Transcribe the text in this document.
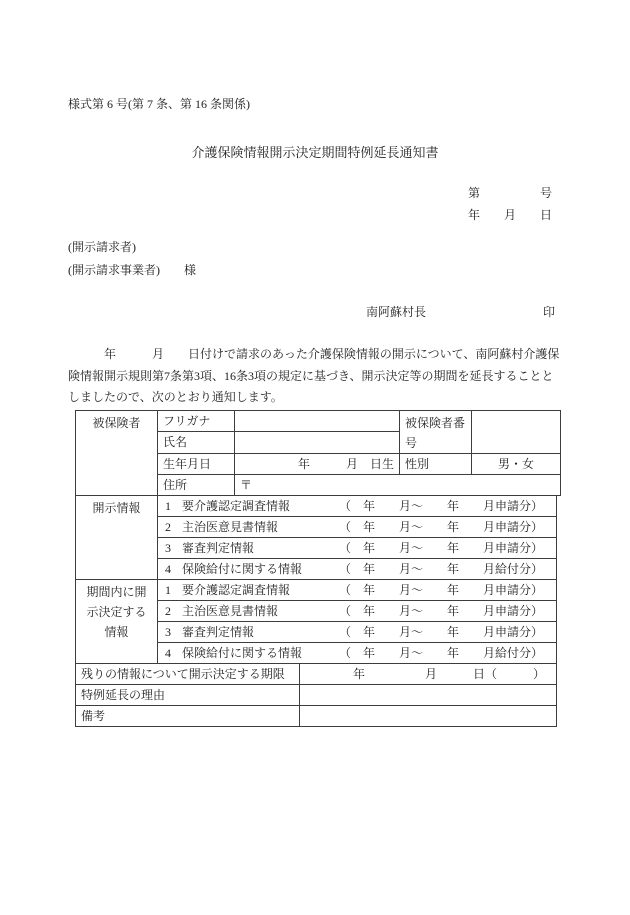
様式第 6 号(第 7 条、第 16 条関係)
介護保険情報開示決定期間特例延長通知書
第　　　　　号
年　　月　　日
(開示請求者)
(開示請求事業者)　　様
南阿蘇村長	印
　　　年　　　月　　日付けで請求のあった介護保険情報の開示について、南阿蘇村介護保
険情報開示規則第7条第3項、16条3項の規定に基づき、開示決定等の期間を延長することと
しましたので、次のとおり通知します。
被保険者	フリガナ		被保険者番号	
	氏名			
	生年月日	年　　　月　日生	性別	男・女
	住所	〒		
開示情報	1 要介護認定調査情報 （　年　　月～　　年　　月申請分）
	2 主治医意見書情報 （　年　　月～　　年　　月申請分）
	3 審査判定情報 （　年　　月～　　年　　月申請分）
	4 保険給付に関する情報 （　年　　月～　　年　　月給付分）
期間内に開示決定する情報	1 要介護認定調査情報 （　年　　月～　　年　　月申請分）
	2 主治医意見書情報 （　年　　月～　　年　　月申請分）
	3 審査判定情報 （　年　　月～　　年　　月申請分）
	4 保険給付に関する情報 （　年　　月～　　年　　月給付分）
残りの情報について開示決定する期限	　　　　年　　　　　月　　　日（　　　）
特例延長の理由	
備考	
